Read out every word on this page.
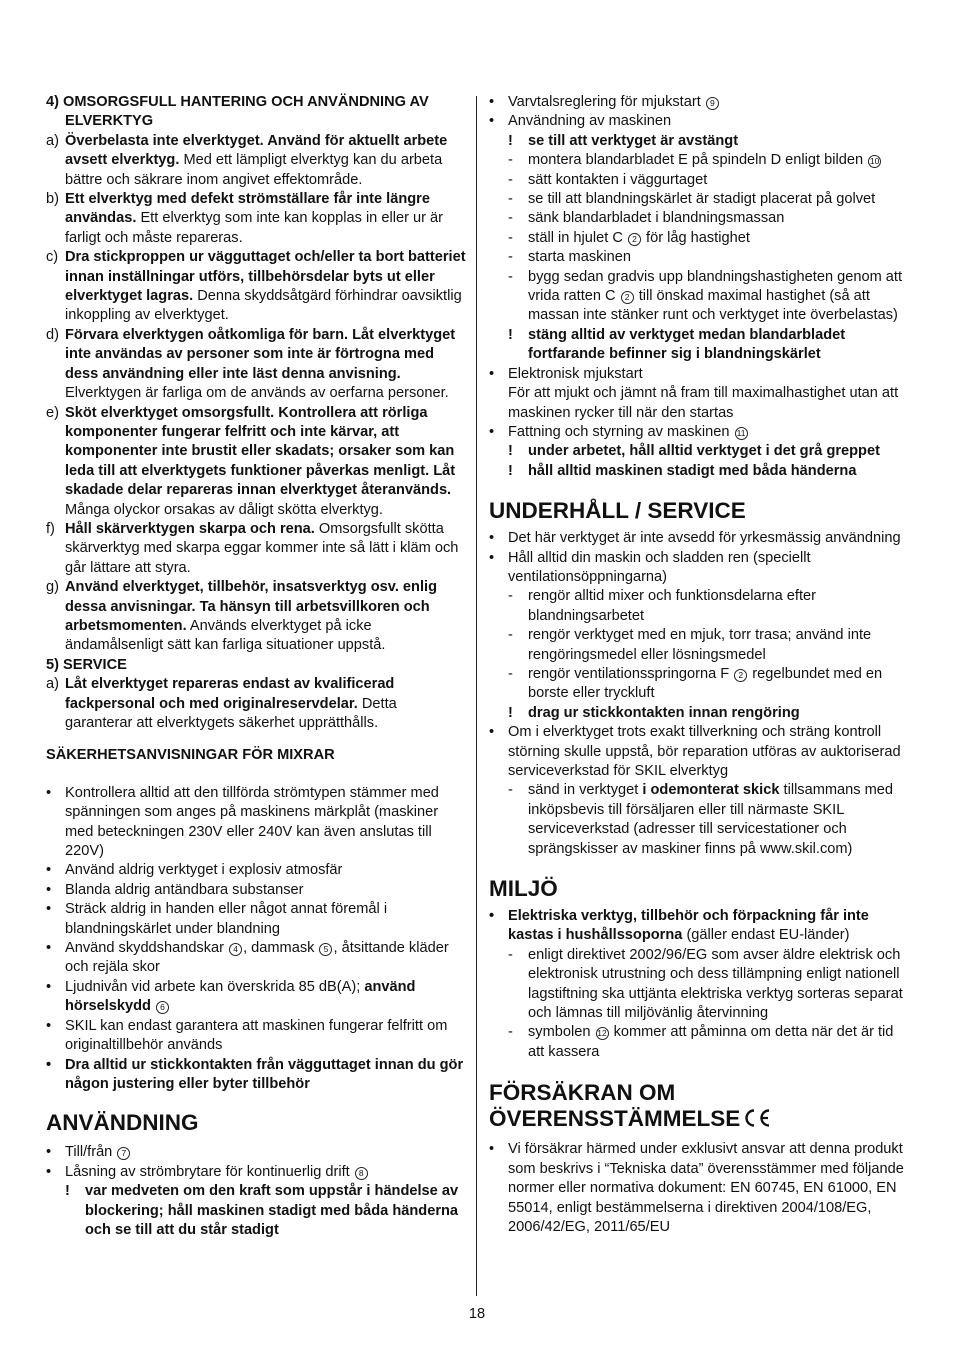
4) OMSORGSFULL HANTERING OCH ANVÄNDNING AV ELVERKTYG
a) Överbelasta inte elverktyget. Använd för aktuellt arbete avsett elverktyg. Med ett lämpligt elverktyg kan du arbeta bättre och säkrare inom angivet effektområde.
b) Ett elverktyg med defekt strömställare får inte längre användas. Ett elverktyg som inte kan kopplas in eller ur är farligt och måste repareras.
c) Dra stickproppen ur vägguttaget och/eller ta bort batteriet innan inställningar utförs, tillbehörsdelar byts ut eller elverktyget lagras. Denna skyddsåtgärd förhindrar oavsiktlig inkoppling av elverktyget.
d) Förvara elverktygen oåtkomliga för barn. Låt elverktyget inte användas av personer som inte är förtrogna med dess användning eller inte läst denna anvisning. Elverktygen är farliga om de används av oerfarna personer.
e) Sköt elverktyget omsorgsfullt. Kontrollera att rörliga komponenter fungerar felfritt och inte kärvar, att komponenter inte brustit eller skadats; orsaker som kan leda till att elverktygets funktioner påverkas menligt. Låt skadade delar repareras innan elverktyget återanvänds. Många olyckor orsakas av dåligt skötta elverktyg.
f) Håll skärverktygen skarpa och rena. Omsorgsfullt skötta skärverktyg med skarpa eggar kommer inte så lätt i kläm och går lättare att styra.
g) Använd elverktyget, tillbehör, insatsverktyg osv. enlig dessa anvisningar. Ta hänsyn till arbetsvillkoren och arbetsmomenten. Används elverktyget på icke ändamålsenligt sätt kan farliga situationer uppstå.
5) SERVICE
a) Låt elverktyget repareras endast av kvalificerad fackpersonal och med originalreservdelar. Detta garanterar att elverktygets säkerhet upprätthålls.
SÄKERHETSANVISNINGAR FÖR MIXRAR
• Kontrollera alltid att den tillförda strömtypen stämmer med spänningen som anges på maskinens märkplåt (maskiner med beteckningen 230V eller 240V kan även anslutas till 220V)
• Använd aldrig verktyget i explosiv atmosfär
• Blanda aldrig antändbara substanser
• Sträck aldrig in handen eller något annat föremål i blandningskärlet under blandning
• Använd skyddshandskar 4 , dammask 5 , åtsittande kläder och rejäla skor
• Ljudnivån vid arbete kan överskrida 85 dB(A); använd hörselskydd 6
• SKIL kan endast garantera att maskinen fungerar felfritt om originaltillbehör används
• Dra alltid ur stickkontakten från vägguttaget innan du gör någon justering eller byter tillbehör
ANVÄNDNING
• Till/från 7
• Låsning av strömbrytare för kontinuerlig drift 8
! var medveten om den kraft som uppstår i händelse av blockering; håll maskinen stadigt med båda händerna och se till att du står stadigt
• Varvtalsreglering för mjukstart 9
• Användning av maskinen
! se till att verktyget är avstängt
- montera blandarbladet E på spindeln D enligt bilden 10
- sätt kontakten i väggurtaget
- se till att blandningskärlet är stadigt placerat på golvet
- sänk blandarbladet i blandningsmassan
- ställ in hjulet C 2 för låg hastighet
- starta maskinen
- bygg sedan gradvis upp blandningshastigheten genom att vrida ratten C 2 till önskad maximal hastighet (så att massan inte stänker runt och verktyget inte överbelastas)
! stäng alltid av verktyget medan blandarbladet fortfarande befinner sig i blandningskärlet
• Elektronisk mjukstart
För att mjukt och jämnt nå fram till maximalhastighet utan att maskinen rycker till när den startas
• Fattning och styrning av maskinen 11
! under arbetet, håll alltid verktyget i det grå greppet
! håll alltid maskinen stadigt med båda händerna
UNDERHÅLL / SERVICE
• Det här verktyget är inte avsedd för yrkesmässig användning
• Håll alltid din maskin och sladden ren (speciellt ventilationsöppningarna)
- rengör alltid mixer och funktionsdelarna efter blandningsarbetet
- rengör verktyget med en mjuk, torr trasa; använd inte rengöringsmedel eller lösningsmedel
- rengör ventilationsspringorna F 2 regelbundet med en borste eller tryckluft
! drag ur stickkontakten innan rengöring
• Om i elverktyget trots exakt tillverkning och sträng kontroll störning skulle uppstå, bör reparation utföras av auktoriserad serviceverkstad för SKIL elverktyg
- sänd in verktyget i odemonterat skick tillsammans med inköpsbevis till försäljaren eller till närmaste SKIL serviceverkstad (adresser till servicestationer och sprängskisser av maskiner finns på www.skil.com)
MILJÖ
• Elektriska verktyg, tillbehör och förpackning får inte kastas i hushållssoporna (gäller endast EU-länder)
- enligt direktivet 2002/96/EG som avser äldre elektrisk och elektronisk utrustning och dess tillämpning enligt nationell lagstiftning ska uttjänta elektriska verktyg sorteras separat och lämnas till miljövänlig återvinning
- symbolen 12 kommer att påminna om detta när det är tid att kassera
FÖRSÄKRAN OM
ÖVERENSSTÄMMELSE
• Vi försäkrar härmed under exklusivt ansvar att denna produkt som beskrivs i “Tekniska data” överensstämmer med följande normer eller normativa dokument: EN 60745, EN 61000, EN 55014, enligt bestämmelserna i direktiven 2004/108/EG, 2006/42/EG, 2011/65/EU
18
